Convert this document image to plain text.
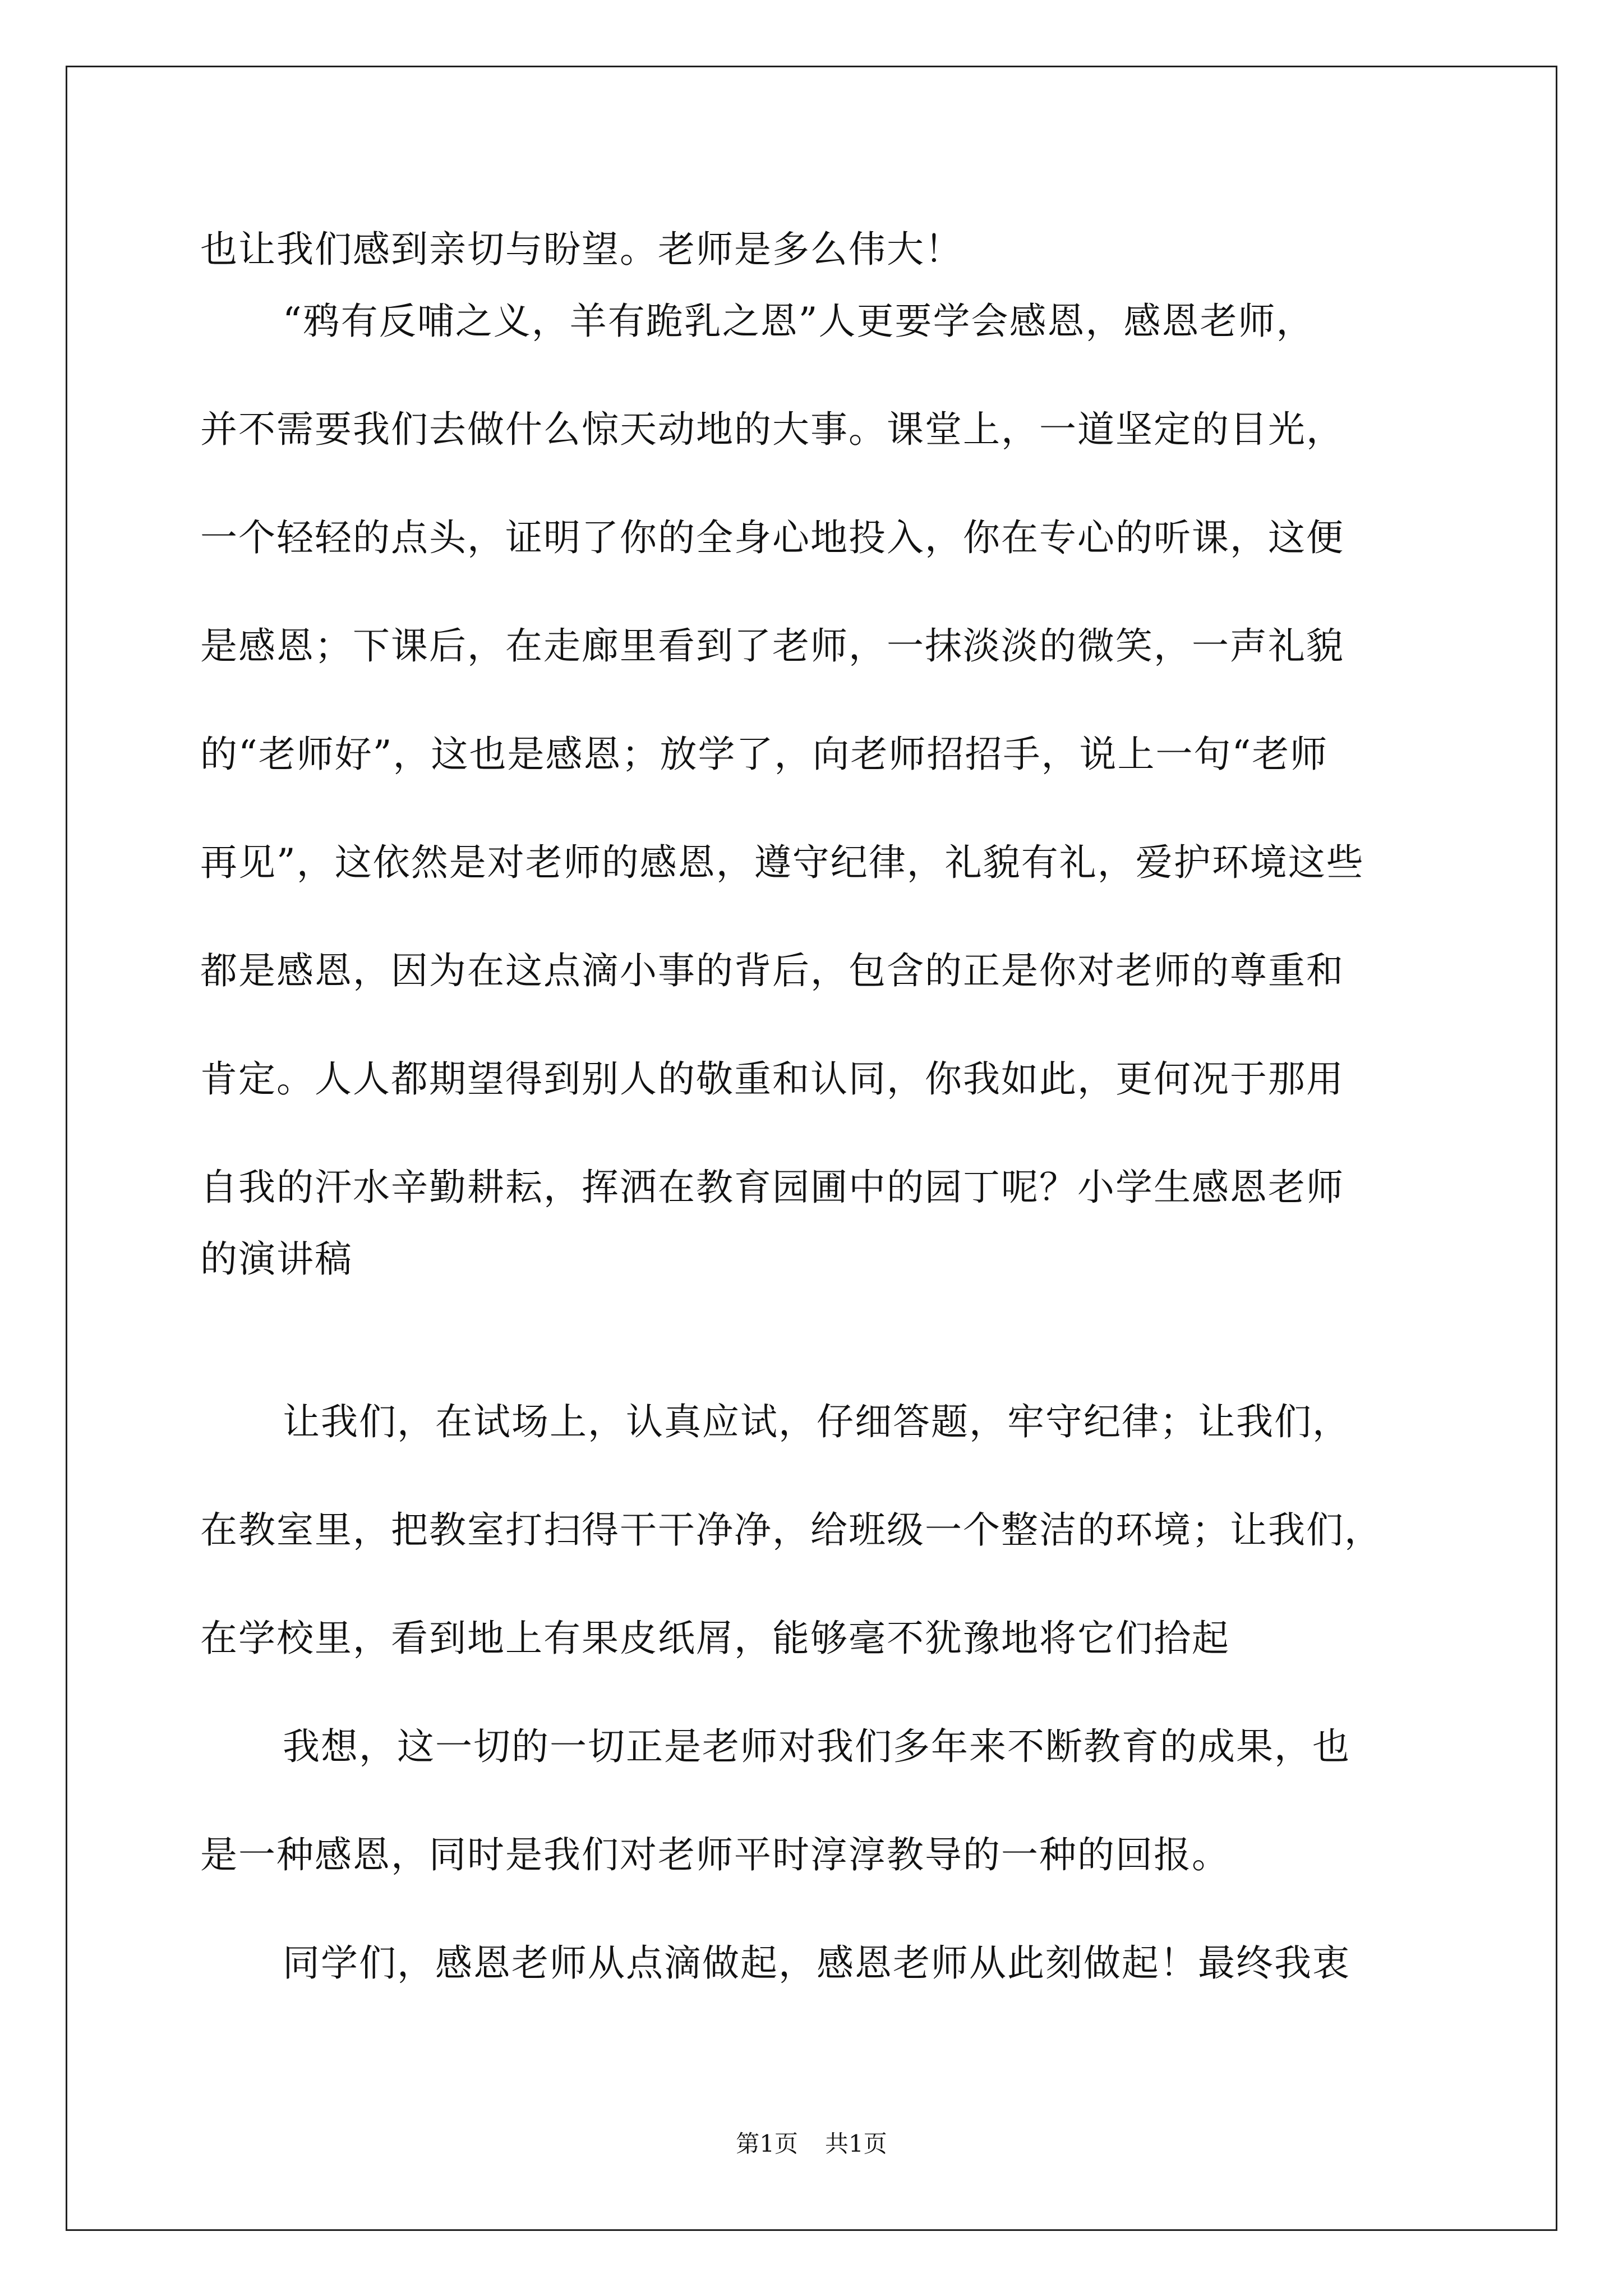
也让我们感到亲切与盼望。老师是多么伟大！
“鸦有反哺之义，羊有跪乳之恩”人更要学会感恩，感恩老师，
并不需要我们去做什么惊天动地的大事。课堂上，一道坚定的目光，
一个轻轻的点头，证明了你的全身心地投入，你在专心的听课，这便
是感恩；下课后，在走廊里看到了老师，一抹淡淡的微笑，一声礼貌
的“老师好”，这也是感恩；放学了，向老师招招手，说上一句“老师
再见”，这依然是对老师的感恩，遵守纪律，礼貌有礼，爱护环境这些
都是感恩，因为在这点滴小事的背后，包含的正是你对老师的尊重和
肯定。人人都期望得到别人的敬重和认同，你我如此，更何况于那用
自我的汗水辛勤耕耘，挥洒在教育园圃中的园丁呢？小学生感恩老师
的演讲稿
让我们，在试场上，认真应试，仔细答题，牢守纪律；让我们，
在教室里，把教室打扫得干干净净，给班级一个整洁的环境；让我们，
在学校里，看到地上有果皮纸屑，能够毫不犹豫地将它们拾起
我想，这一切的一切正是老师对我们多年来不断教育的成果，也
是一种感恩，同时是我们对老师平时淳淳教导的一种的回报。
同学们，感恩老师从点滴做起，感恩老师从此刻做起！最终我衷
第1页 共1页
